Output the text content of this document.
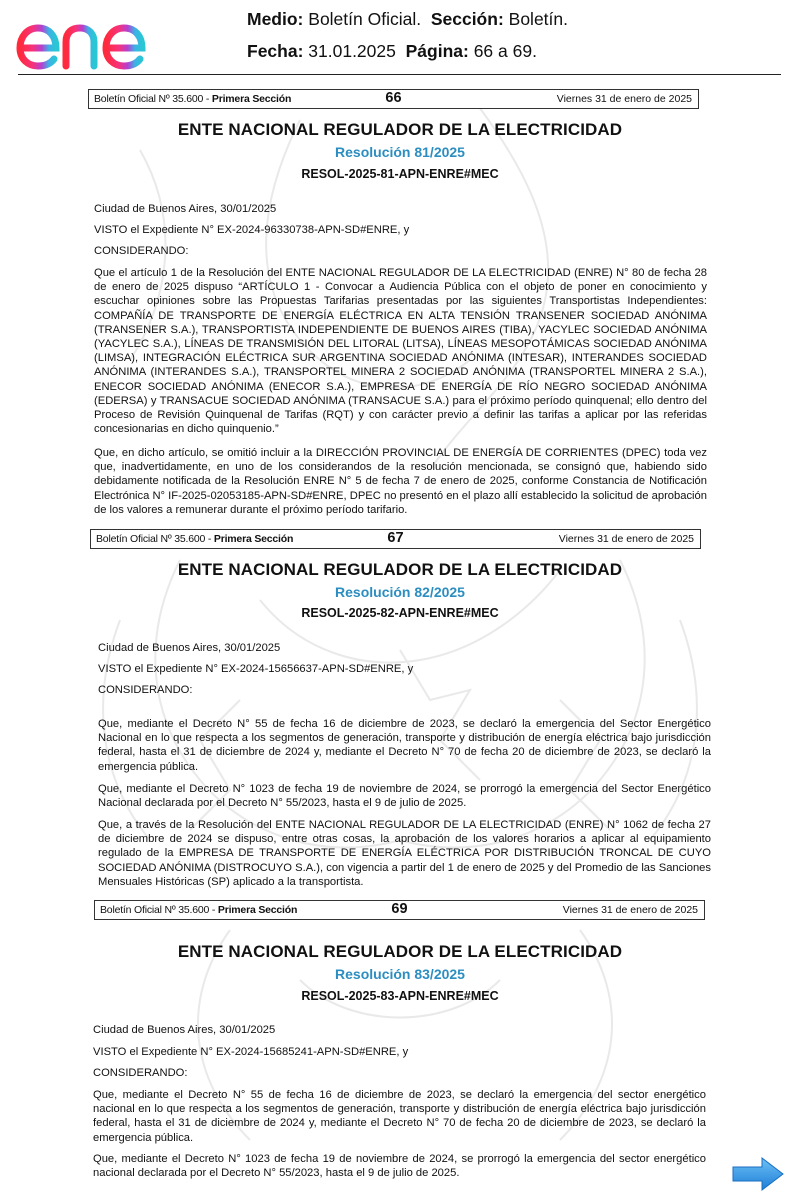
Medio: Boletín Oficial. Sección: Boletín.
Fecha: 31.01.2025 Página: 66 a 69.
Boletín Oficial Nº 35.600 - Primera Sección	66	Viernes 31 de enero de 2025
ENTE NACIONAL REGULADOR DE LA ELECTRICIDAD
Resolución 81/2025
RESOL-2025-81-APN-ENRE#MEC
Ciudad de Buenos Aires, 30/01/2025
VISTO el Expediente N° EX-2024-96330738-APN-SD#ENRE, y
CONSIDERANDO:

Que el artículo 1 de la Resolución del ENTE NACIONAL REGULADOR DE LA ELECTRICIDAD (ENRE) N° 80 de fecha 28 de enero de 2025 dispuso “ARTÍCULO 1 - Convocar a Audiencia Pública con el objeto de poner en conocimiento y escuchar opiniones sobre las Propuestas Tarifarias presentadas por las siguientes Transportistas Independientes: COMPAÑÍA DE TRANSPORTE DE ENERGÍA ELÉCTRICA EN ALTA TENSIÓN TRANSENER SOCIEDAD ANÓNIMA (TRANSENER S.A.), TRANSPORTISTA INDEPENDIENTE DE BUENOS AIRES (TIBA), YACYLEC SOCIEDAD ANÓNIMA (YACYLEC S.A.), LÍNEAS DE TRANSMISIÓN DEL LITORAL (LITSA), LÍNEAS MESOPOTÁMICAS SOCIEDAD ANÓNIMA (LIMSA), INTEGRACIÓN ELÉCTRICA SUR ARGENTINA SOCIEDAD ANÓNIMA (INTESAR), INTERANDES SOCIEDAD ANÓNIMA (INTERANDES S.A.), TRANSPORTEL MINERA 2 SOCIEDAD ANÓNIMA (TRANSPORTEL MINERA 2 S.A.), ENECOR SOCIEDAD ANÓNIMA (ENECOR S.A.), EMPRESA DE ENERGÍA DE RÍO NEGRO SOCIEDAD ANÓNIMA (EDERSA) y TRANSACUE SOCIEDAD ANÓNIMA (TRANSACUE S.A.) para el próximo período quinquenal; ello dentro del Proceso de Revisión Quinquenal de Tarifas (RQT) y con carácter previo a definir las tarifas a aplicar por las referidas concesionarias en dicho quinquenio.”

Que, en dicho artículo, se omitió incluir a la DIRECCIÓN PROVINCIAL DE ENERGÍA DE CORRIENTES (DPEC) toda vez que, inadvertidamente, en uno de los considerandos de la resolución mencionada, se consignó que, habiendo sido debidamente notificada de la Resolución ENRE N° 5 de fecha 7 de enero de 2025, conforme Constancia de Notificación Electrónica N° IF-2025-02053185-APN-SD#ENRE, DPEC no presentó en el plazo allí establecido la solicitud de aprobación de los valores a remunerar durante el próximo período tarifario.

Boletín Oficial Nº 35.600 - Primera Sección	67	Viernes 31 de enero de 2025
ENTE NACIONAL REGULADOR DE LA ELECTRICIDAD
Resolución 82/2025
RESOL-2025-82-APN-ENRE#MEC
Ciudad de Buenos Aires, 30/01/2025
VISTO el Expediente N° EX-2024-15656637-APN-SD#ENRE, y
CONSIDERANDO:

Que, mediante el Decreto N° 55 de fecha 16 de diciembre de 2023, se declaró la emergencia del Sector Energético Nacional en lo que respecta a los segmentos de generación, transporte y distribución de energía eléctrica bajo jurisdicción federal, hasta el 31 de diciembre de 2024 y, mediante el Decreto N° 70 de fecha 20 de diciembre de 2023, se declaró la emergencia pública.

Que, mediante el Decreto N° 1023 de fecha 19 de noviembre de 2024, se prorrogó la emergencia del Sector Energético Nacional declarada por el Decreto N° 55/2023, hasta el 9 de julio de 2025.

Que, a través de la Resolución del ENTE NACIONAL REGULADOR DE LA ELECTRICIDAD (ENRE) N° 1062 de fecha 27 de diciembre de 2024 se dispuso, entre otras cosas, la aprobación de los valores horarios a aplicar al equipamiento regulado de la EMPRESA DE TRANSPORTE DE ENERGÍA ELÉCTRICA POR DISTRIBUCIÓN TRONCAL DE CUYO SOCIEDAD ANÓNIMA (DISTROCUYO S.A.), con vigencia a partir del 1 de enero de 2025 y del Promedio de las Sanciones Mensuales Históricas (SP) aplicado a la transportista.

Boletín Oficial Nº 35.600 - Primera Sección	69	Viernes 31 de enero de 2025
ENTE NACIONAL REGULADOR DE LA ELECTRICIDAD
Resolución 83/2025
RESOL-2025-83-APN-ENRE#MEC
Ciudad de Buenos Aires, 30/01/2025
VISTO el Expediente N° EX-2024-15685241-APN-SD#ENRE, y
CONSIDERANDO:

Que, mediante el Decreto N° 55 de fecha 16 de diciembre de 2023, se declaró la emergencia del sector energético nacional en lo que respecta a los segmentos de generación, transporte y distribución de energía eléctrica bajo jurisdicción federal, hasta el 31 de diciembre de 2024 y, mediante el Decreto N° 70 de fecha 20 de diciembre de 2023, se declaró la emergencia pública.

Que, mediante el Decreto N° 1023 de fecha 19 de noviembre de 2024, se prorrogó la emergencia del sector energético nacional declarada por el Decreto N° 55/2023, hasta el 9 de julio de 2025.
